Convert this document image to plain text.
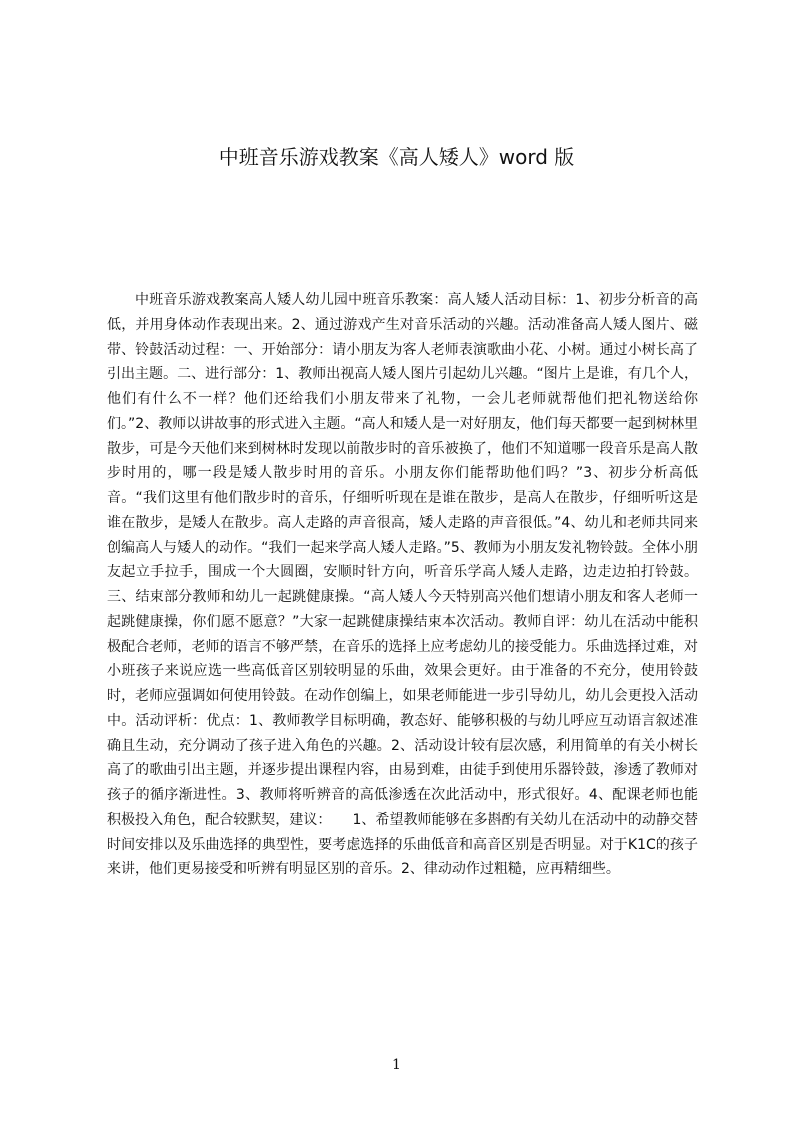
中班音乐游戏教案《高人矮人》word 版

中班音乐游戏教案高人矮人幼儿园中班音乐教案：高人矮人活动目标：1、初步分析音的高低，并用身体动作表现出来。2、通过游戏产生对音乐活动的兴趣。活动准备高人矮人图片、磁带、铃鼓活动过程：一、开始部分：请小朋友为客人老师表演歌曲小花、小树。通过小树长高了引出主题。二、进行部分：1、教师出视高人矮人图片引起幼儿兴趣。“图片上是谁，有几个人，他们有什么不一样？他们还给我们小朋友带来了礼物，一会儿老师就帮他们把礼物送给你们。”2、教师以讲故事的形式进入主题。“高人和矮人是一对好朋友，他们每天都要一起到树林里散步，可是今天他们来到树林时发现以前散步时的音乐被换了，他们不知道哪一段音乐是高人散步时用的，哪一段是矮人散步时用的音乐。小朋友你们能帮助他们吗？”3、初步分析高低音。“我们这里有他们散步时的音乐，仔细听听现在是谁在散步，是高人在散步，仔细听听这是谁在散步，是矮人在散步。高人走路的声音很高，矮人走路的声音很低。”4、幼儿和老师共同来创编高人与矮人的动作。“我们一起来学高人矮人走路。”5、教师为小朋友发礼物铃鼓。全体小朋友起立手拉手，围成一个大圆圈，安顺时针方向，听音乐学高人矮人走路，边走边拍打铃鼓。三、结束部分教师和幼儿一起跳健康操。“高人矮人今天特别高兴他们想请小朋友和客人老师一起跳健康操，你们愿不愿意？”大家一起跳健康操结束本次活动。教师自评：幼儿在活动中能积极配合老师，老师的语言不够严禁，在音乐的选择上应考虑幼儿的接受能力。乐曲选择过难，对小班孩子来说应选一些高低音区别较明显的乐曲，效果会更好。由于准备的不充分，使用铃鼓时，老师应强调如何使用铃鼓。在动作创编上，如果老师能进一步引导幼儿，幼儿会更投入活动中。活动评析：优点：1、教师教学目标明确，教态好、能够积极的与幼儿呼应互动语言叙述准确且生动，充分调动了孩子进入角色的兴趣。2、活动设计较有层次感，利用简单的有关小树长高了的歌曲引出主题，并逐步提出课程内容，由易到难，由徒手到使用乐器铃鼓，渗透了教师对孩子的循序渐进性。3、教师将听辨音的高低渗透在次此活动中，形式很好。4、配课老师也能积极投入角色，配合较默契，建议：　　1、希望教师能够在多斟酌有关幼儿在活动中的动静交替时间安排以及乐曲选择的典型性，要考虑选择的乐曲低音和高音区别是否明显。对于K1C的孩子来讲，他们更易接受和听辨有明显区别的音乐。2、律动动作过粗糙，应再精细些。

1
